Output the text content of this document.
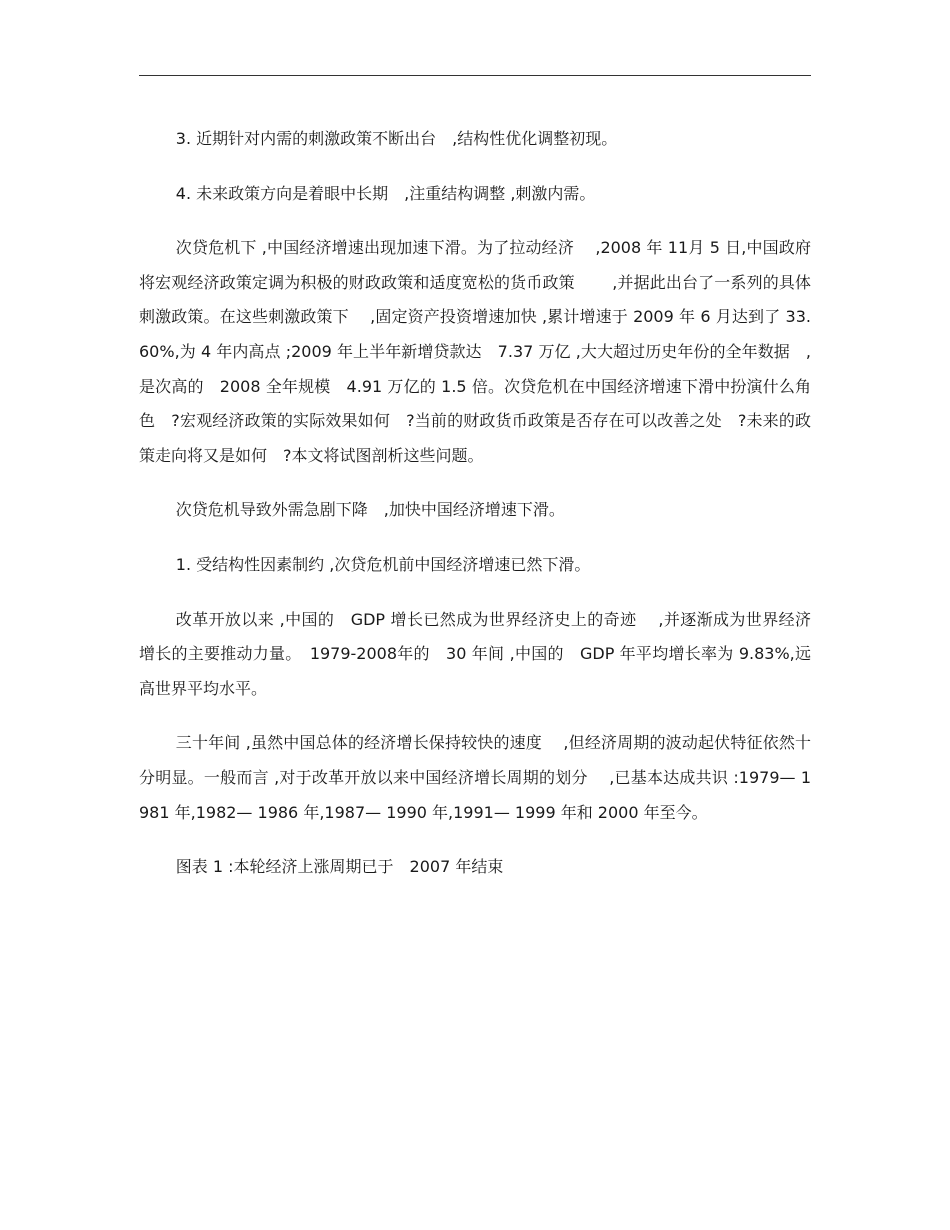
3. 近期针对内需的刺激政策不断出台　,结构性优化调整初现。

4. 未来政策方向是着眼中长期　,注重结构调整 ,刺激内需。

次贷危机下 ,中国经济增速出现加速下滑。为了拉动经济　 ,2008 年 11月 5 日,中国政府将宏观经济政策定调为积极的财政政策和适度宽松的货币政策　　 ,并据此出台了一系列的具体刺激政策。在这些刺激政策下　 ,固定资产投资增速加快 ,累计增速于 2009 年 6 月达到了 33.60%,为 4 年内高点 ;2009 年上半年新增贷款达　7.37 万亿 ,大大超过历史年份的全年数据　,是次高的　2008 全年规模　4.91 万亿的 1.5 倍。次贷危机在中国经济增速下滑中扮演什么角色　?宏观经济政策的实际效果如何　?当前的财政货币政策是否存在可以改善之处　?未来的政策走向将又是如何　?本文将试图剖析这些问题。

次贷危机导致外需急剧下降　,加快中国经济增速下滑。

1. 受结构性因素制约 ,次贷危机前中国经济增速已然下滑。

改革开放以来 ,中国的　GDP 增长已然成为世界经济史上的奇迹　 ,并逐渐成为世界经济增长的主要推动力量。　1979-2008年的　30 年间 ,中国的　GDP 年平均增长率为 9.83%,远高世界平均水平。

三十年间 ,虽然中国总体的经济增长保持较快的速度　 ,但经济周期的波动起伏特征依然十分明显。一般而言 ,对于改革开放以来中国经济增长周期的划分　 ,已基本达成共识 :1979— 1981 年,1982— 1986 年,1987— 1990 年,1991— 1999 年和 2000 年至今。

图表 1 :本轮经济上涨周期已于　2007 年结束
